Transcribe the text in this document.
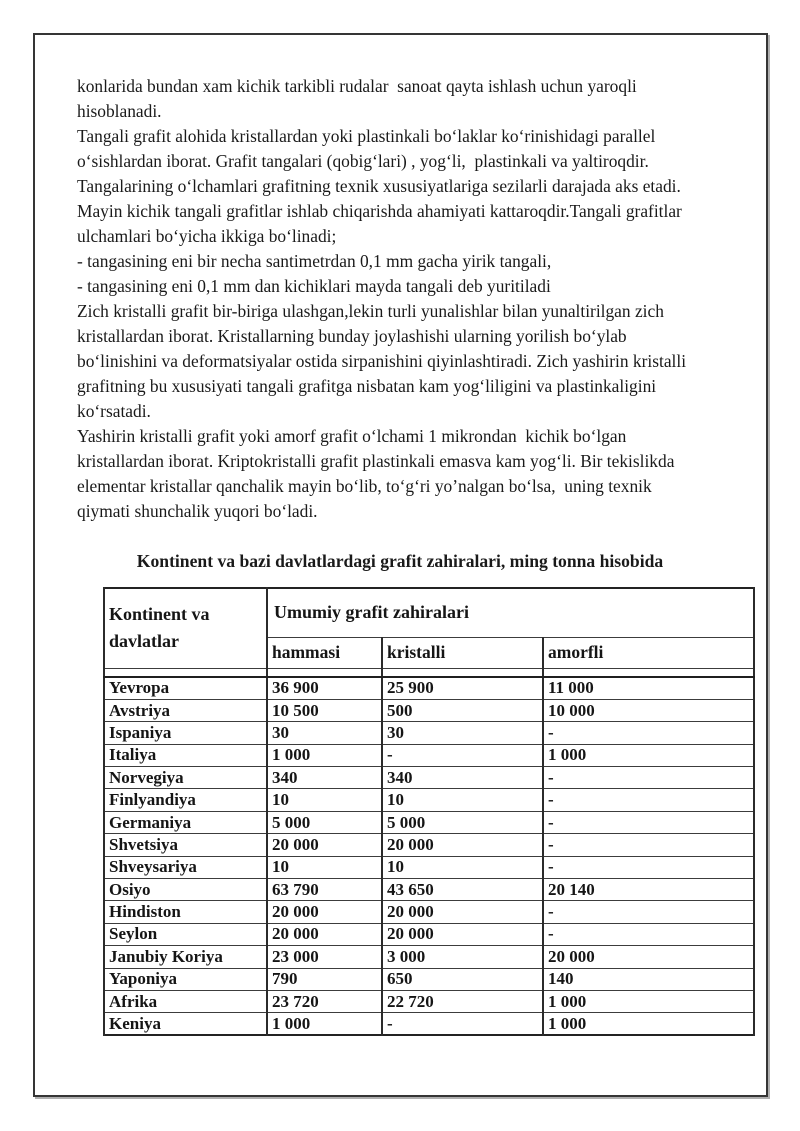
konlarida bundan xam kichik tarkibli rudalar  sanoat qayta ishlash uchun yaroqli
hisoblanadi.
Tangali grafit alohida kristallardan yoki plastinkali bo‘laklar ko‘rinishidagi parallel
o‘sishlardan iborat. Grafit tangalari (qobig‘lari) , yog‘li,  plastinkali va yaltiroqdir.
Tangalarining o‘lchamlari grafitning texnik xususiyatlariga sezilarli darajada aks etadi.
Mayin kichik tangali grafitlar ishlab chiqarishda ahamiyati kattaroqdir.Tangali grafitlar
ulchamlari bo‘yicha ikkiga bo‘linadi;
- tangasining eni bir necha santimetrdan 0,1 mm gacha yirik tangali,
- tangasining eni 0,1 mm dan kichiklari mayda tangali deb yuritiladi
Zich kristalli grafit bir-biriga ulashgan,lekin turli yunalishlar bilan yunaltirilgan zich
kristallardan iborat. Kristallarning bunday joylashishi ularning yorilish bo‘ylab
bo‘linishini va deformatsiyalar ostida sirpanishini qiyinlashtiradi. Zich yashirin kristalli
grafitning bu xususiyati tangali grafitga nisbatan kam yog‘liligini va plastinkaligini
ko‘rsatadi.
Yashirin kristalli grafit yoki amorf grafit o‘lchami 1 mikrondan  kichik bo‘lgan
kristallardan iborat. Kriptokristalli grafit plastinkali emasva kam yog‘li. Bir tekislikda
elementar kristallar qanchalik mayin bo‘lib, to‘g‘ri yo’nalgan bo‘lsa,  uning texnik
qiymati shunchalik yuqori bo‘ladi.
Kontinent va bazi davlatlardagi grafit zahiralari, ming tonna hisobida
Kontinent va davlatlar	Umumiy grafit zahiralari		
	hammasi	kristalli	amorfli

Yevropa	36 900	25 900	11 000
Avstriya	10 500	500	10 000
Ispaniya	30	30	-
Italiya	1 000	-	1 000
Norvegiya	340	340	-
Finlyandiya	10	10	-
Germaniya	5 000	5 000	-
Shvetsiya	20 000	20 000	-
Shveysariya	10	10	-
Osiyo	63 790	43 650	20 140
Hindiston	20 000	20 000	-
Seylon	20 000	20 000	-
Janubiy Koriya	23 000	3 000	20 000
Yaponiya	790	650	140
Afrika	23 720	22 720	1 000
Keniya	1 000	-	1 000
